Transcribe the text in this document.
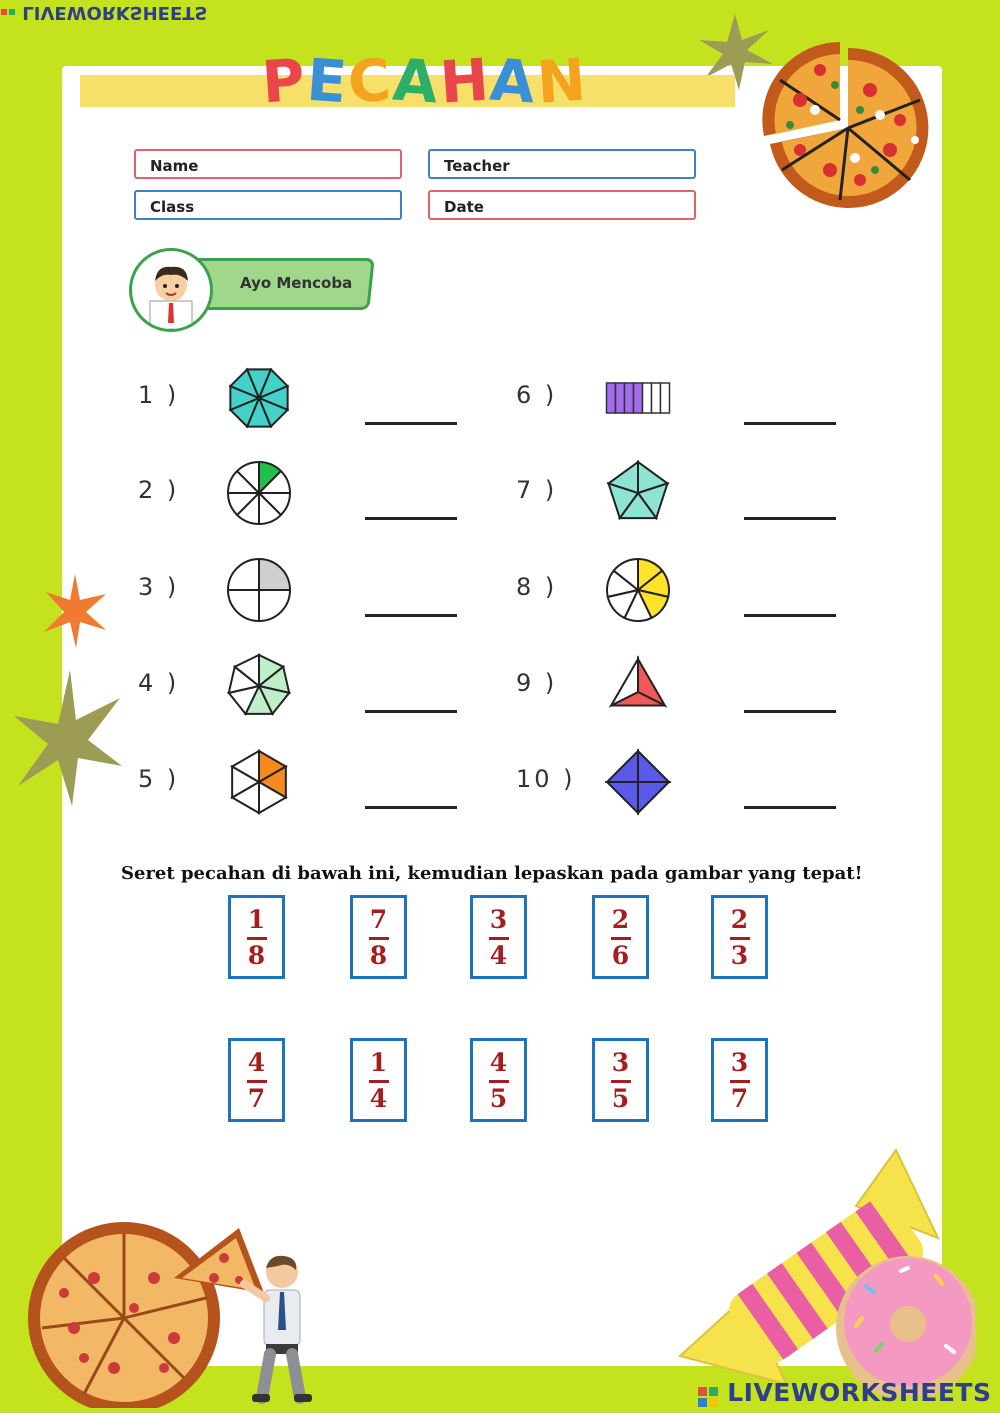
LIVEWORKSHEETS
PECAHAN
Name	Teacher
Class	Date
Ayo Mencoba
1 )
2 )
3 )
4 )
5 )
6 )
7 )
8 )
9 )
10 )
Seret pecahan di bawah ini, kemudian lepaskan pada gambar yang tepat!
1
8
7
8
3
4
2
6
2
3
4
7
1
4
4
5
3
5
3
7
LIVEWORKSHEETS
